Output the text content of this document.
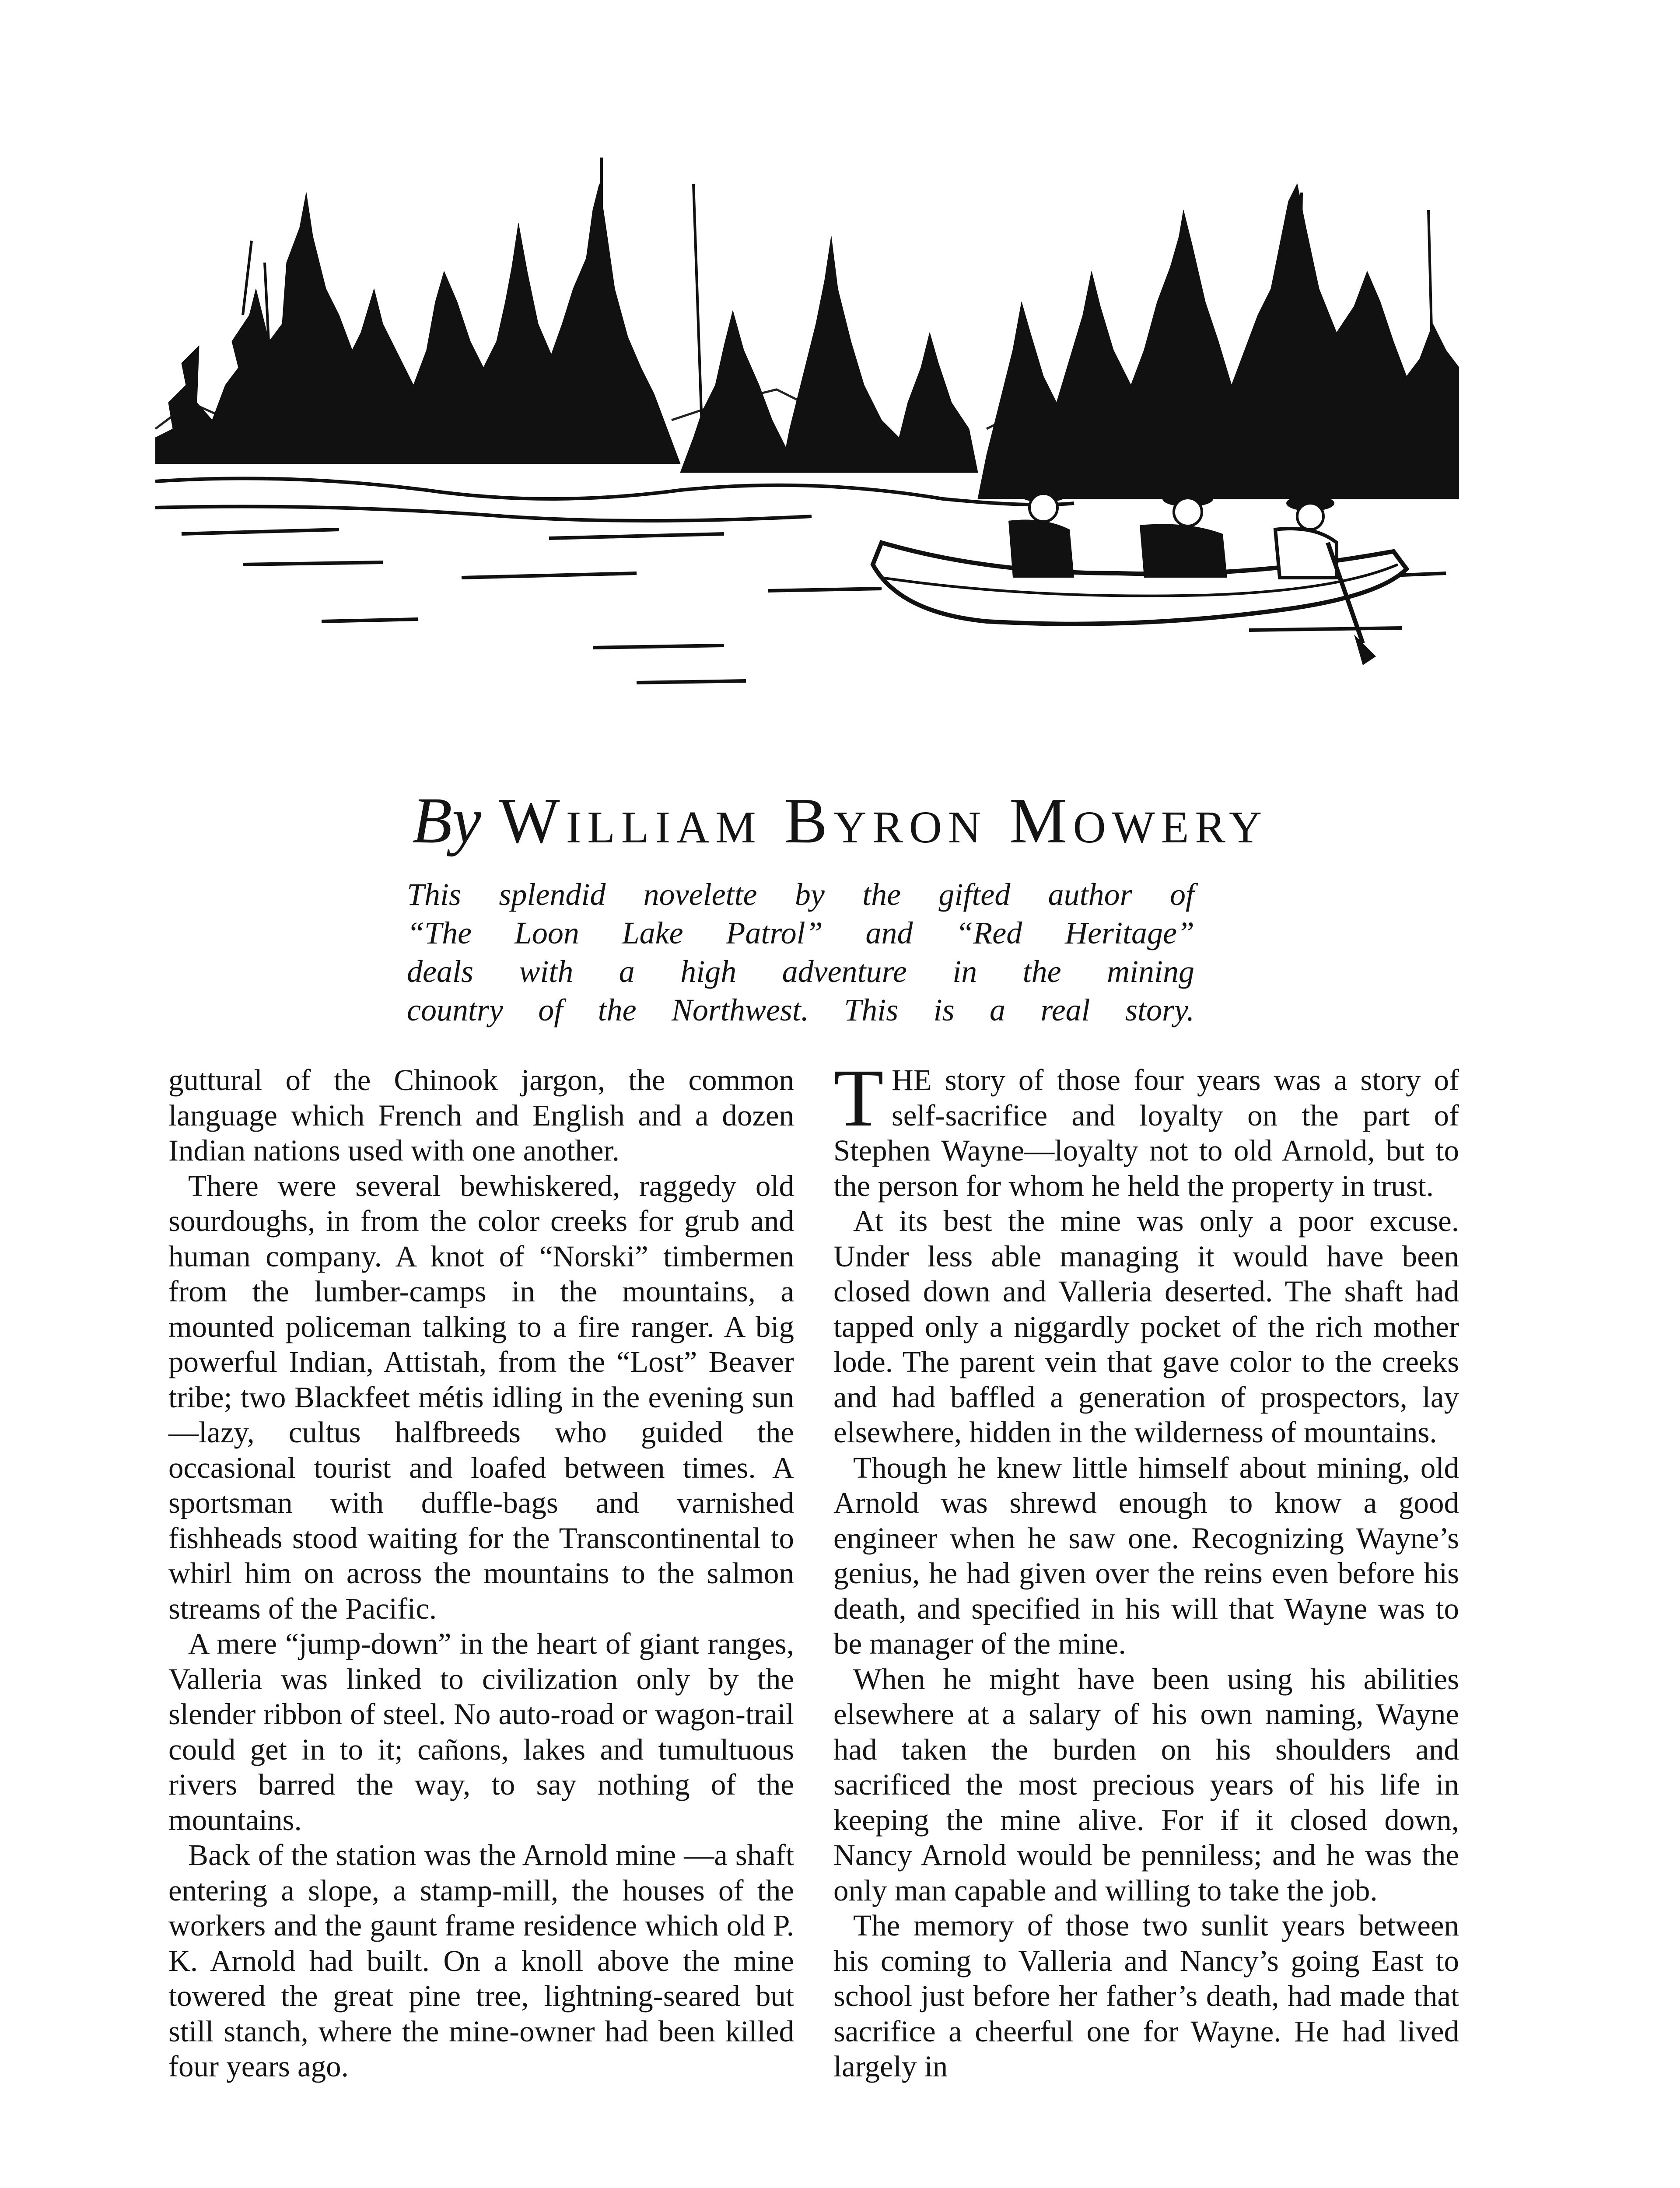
By William Byron Mowery
This splendid novelette by the gifted author of
“The Loon Lake Patrol” and “Red Heritage”
deals with a high adventure in the mining
country of the Northwest. This is a real story.

guttural of the Chinook jargon, the common language which French and English and a dozen Indian nations used with one another.

There were several bewhiskered, raggedy old sourdoughs, in from the color creeks for grub and human company. A knot of “Norski” timbermen from the lumber-camps in the mountains, a mounted policeman talking to a fire ranger. A big powerful Indian, Attistah, from the “Lost” Beaver tribe; two Blackfeet métis idling in the evening sun—lazy, cultus halfbreeds who guided the occasional tourist and loafed between times. A sportsman with duffle-bags and varnished fishheads stood waiting for the Transcontinental to whirl him on across the mountains to the salmon streams of the Pacific.

A mere “jump-down” in the heart of giant ranges, Valleria was linked to civilization only by the slender ribbon of steel. No auto-road or wagon-trail could get in to it; cañons, lakes and tumultuous rivers barred the way, to say nothing of the mountains.

Back of the station was the Arnold mine —a shaft entering a slope, a stamp-mill, the houses of the workers and the gaunt frame residence which old P. K. Arnold had built. On a knoll above the mine towered the great pine tree, lightning-seared but still stanch, where the mine-owner had been killed four years ago.

THE story of those four years was a story of self-sacrifice and loyalty on the part of Stephen Wayne—loyalty not to old Arnold, but to the person for whom he held the property in trust.

At its best the mine was only a poor excuse. Under less able managing it would have been closed down and Valleria deserted. The shaft had tapped only a niggardly pocket of the rich mother lode. The parent vein that gave color to the creeks and had baffled a generation of prospectors, lay elsewhere, hidden in the wilderness of mountains.

Though he knew little himself about mining, old Arnold was shrewd enough to know a good engineer when he saw one. Recognizing Wayne’s genius, he had given over the reins even before his death, and specified in his will that Wayne was to be manager of the mine.

When he might have been using his abilities elsewhere at a salary of his own naming, Wayne had taken the burden on his shoulders and sacrificed the most precious years of his life in keeping the mine alive. For if it closed down, Nancy Arnold would be penniless; and he was the only man capable and willing to take the job.

The memory of those two sunlit years between his coming to Valleria and Nancy’s going East to school just before her father’s death, had made that sacrifice a cheerful one for Wayne. He had lived largely in
